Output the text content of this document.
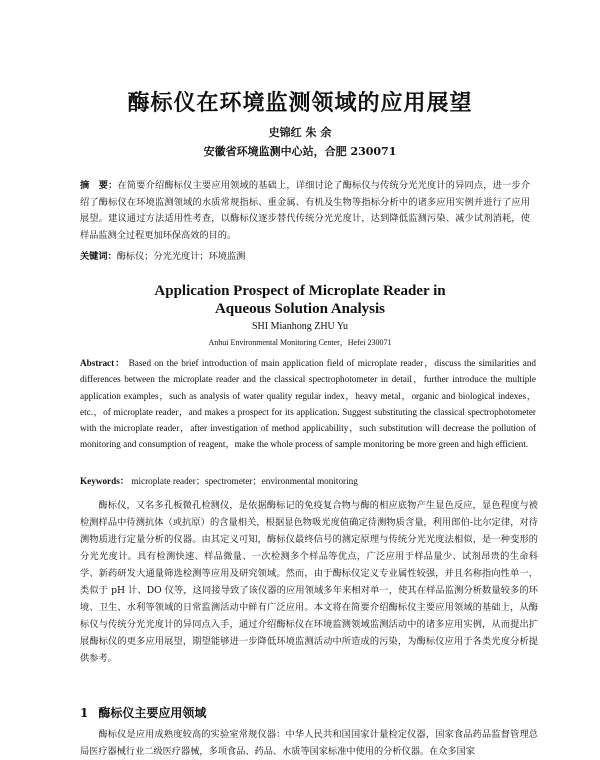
酶标仪在环境监测领域的应用展望
史锦红 朱 余
安徽省环境监测中心站，合肥 230071
摘　要：在简要介绍酶标仪主要应用领域的基础上，详细讨论了酶标仪与传统分光光度计的异同点，进一步介绍了酶标仪在环境监测领域的水质常规指标、重金属、有机及生物等指标分析中的诸多应用实例并进行了应用展望。建议通过方法适用性考查，以酶标仪逐步替代传统分光光度计，达到降低监测污染、减少试剂消耗，使样品监测全过程更加环保高效的目的。
关键词：酶标仪；分光光度计；环境监测
Application Prospect of Microplate Reader in
Aqueous Solution Analysis
SHI Mianhong ZHU Yu
Anhui Environmental Monitoring Center，Hefei 230071
Abstract： Based on the brief introduction of main application field of microplate reader，discuss the similarities and differences between the microplate reader and the classical spectrophotometer in detail，further introduce the multiple application examples，such as analysis of water quality regular index，heavy metal，organic and biological indexes，etc.，of microplate reader，and makes a prospect for its application. Suggest substituting the classical spectrophotometer with the microplate reader，after investigation of method applicability，such substitution will decrease the pollution of monitoring and consumption of reagent，make the whole process of sample monitoring be more green and high efficient.
Keywords： microplate reader；spectrometer；environmental monitoring
酶标仪，又名多孔板微孔检测仪，是依据酶标记的免疫复合物与酶的相应底物产生显色反应，显色程度与被检测样品中待测抗体（或抗原）的含量相关，根据显色物吸光度值确定待测物质含量，利用郎伯-比尔定律，对待测物质进行定量分析的仪器。由其定义可知，酶标仪最终信号的测定原理与传统分光光度法相似，是一种变形的分光光度计。具有检测快速、样品微量、一次检测多个样品等优点，广泛应用于样品量少、试剂昂贵的生命科学、新药研发大通量筛选检测等应用及研究领域。然而，由于酶标仪定义专业属性较强，并且名称指向性单一，类似于 pH 计、DO 仪等，这同接导致了该仪器的应用领域多年来相对单一，使其在样品监测分析数量较多的环境、卫生、水利等领域的日常监测活动中鲜有广泛应用。本文将在简要介绍酶标仪主要应用领域的基础上，从酶标仪与传统分光光度计的异同点入手，通过介绍酶标仪在环境监测领域监测活动中的诸多应用实例，从而提出扩展酶标仪的更多应用展望，期望能够进一步降低环境监测活动中所造成的污染，为酶标仪应用于各类光度分析提供参考。
1 酶标仪主要应用领域
酶标仪是应用成熟度较高的实验室常规仪器：中华人民共和国国家计量检定仪器，国家食品药品监督管理总局医疗器械行业二级医疗器械，多项食品、药品、水质等国家标准中使用的分析仪器。在众多国家
